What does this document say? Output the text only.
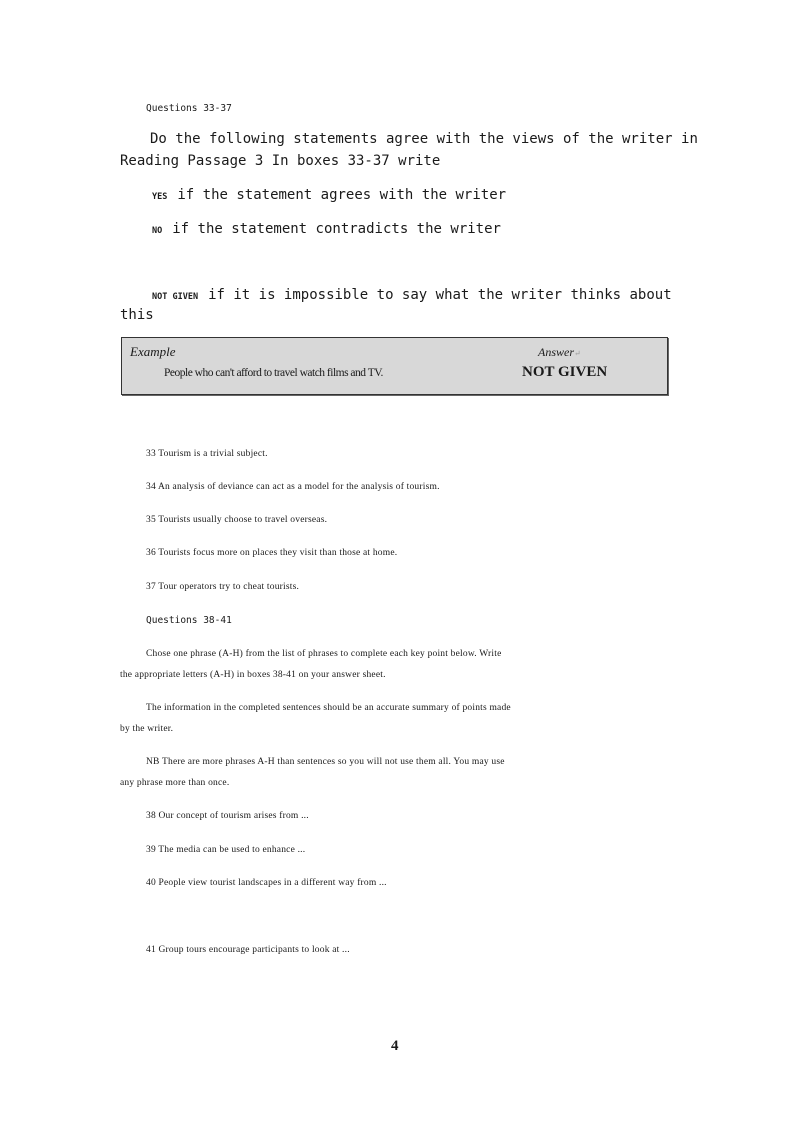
Questions 33-37
Do the following statements agree with the views of the writer in
Reading Passage 3 In boxes 33-37 write
YES if the statement agrees with the writer
NO if the statement contradicts the writer
NOT GIVEN if it is impossible to say what the writer thinks about
this
Example	Answer↵
People who can't afford to travel watch films and TV.	NOT GIVEN
33 Tourism is a trivial subject.
34 An analysis of deviance can act as a model for the analysis of tourism.
35 Tourists usually choose to travel overseas.
36 Tourists focus more on places they visit than those at home.
37 Tour operators try to cheat tourists.
Questions 38-41
Chose one phrase (A-H) from the list of phrases to complete each key point below. Write
the appropriate letters (A-H) in boxes 38-41 on your answer sheet.
The information in the completed sentences should be an accurate summary of points made
by the writer.
NB There are more phrases A-H than sentences so you will not use them all. You may use
any phrase more than once.
38 Our concept of tourism arises from ...
39 The media can be used to enhance ...
40 People view tourist landscapes in a different way from ...
41 Group tours encourage participants to look at ...
4
